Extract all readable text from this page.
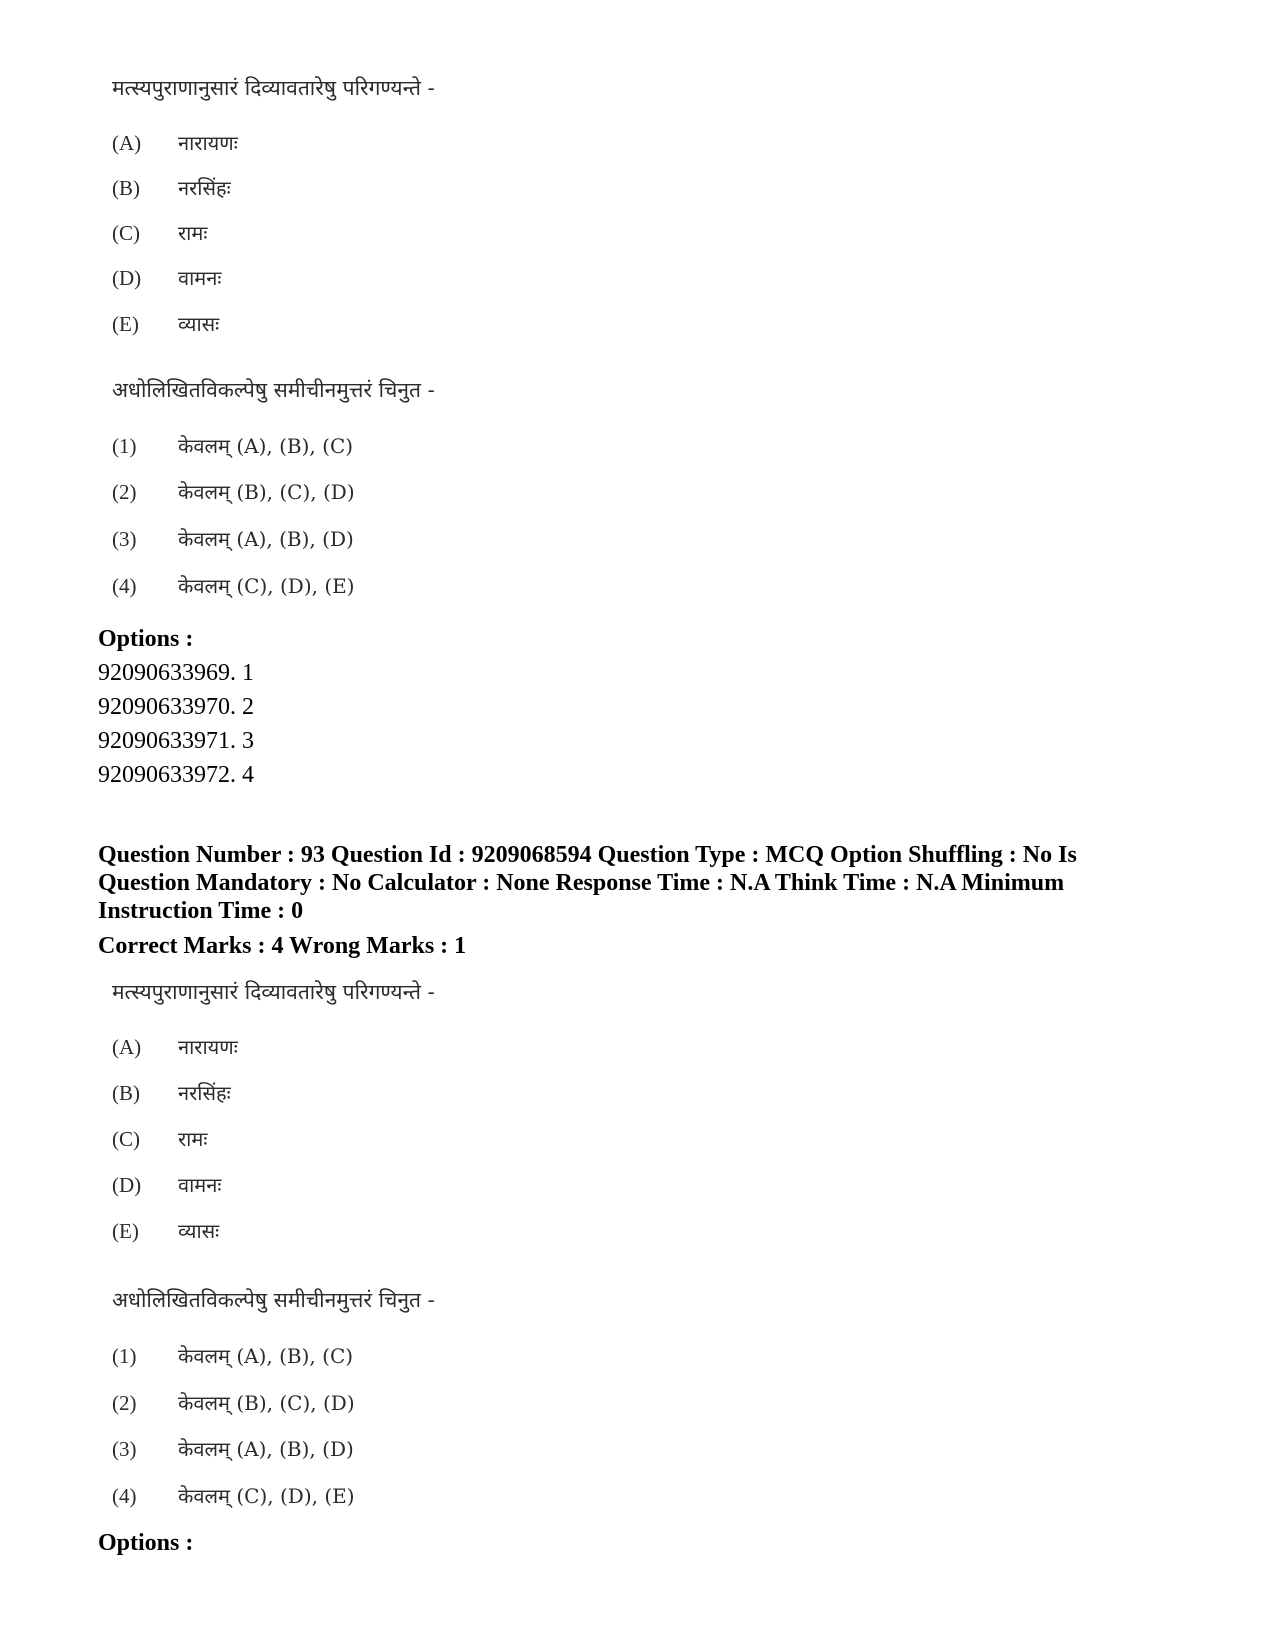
मत्स्यपुराणानुसारं दिव्यावतारेषु परिगण्यन्ते -
(A)	नारायणः
(B)	नरसिंहः
(C)	रामः
(D)	वामनः
(E)	व्यासः
अधोलिखितविकल्पेषु समीचीनमुत्तरं चिनुत -
(1)	केवलम् (A), (B), (C)
(2)	केवलम् (B), (C), (D)
(3)	केवलम् (A), (B), (D)
(4)	केवलम् (C), (D), (E)
Options :
92090633969. 1
92090633970. 2
92090633971. 3
92090633972. 4
Question Number : 93 Question Id : 9209068594 Question Type : MCQ Option Shuffling : No Is
Question Mandatory : No Calculator : None Response Time : N.A Think Time : N.A Minimum
Instruction Time : 0
Correct Marks : 4 Wrong Marks : 1
मत्स्यपुराणानुसारं दिव्यावतारेषु परिगण्यन्ते -
(A)	नारायणः
(B)	नरसिंहः
(C)	रामः
(D)	वामनः
(E)	व्यासः
अधोलिखितविकल्पेषु समीचीनमुत्तरं चिनुत -
(1)	केवलम् (A), (B), (C)
(2)	केवलम् (B), (C), (D)
(3)	केवलम् (A), (B), (D)
(4)	केवलम् (C), (D), (E)
Options :
